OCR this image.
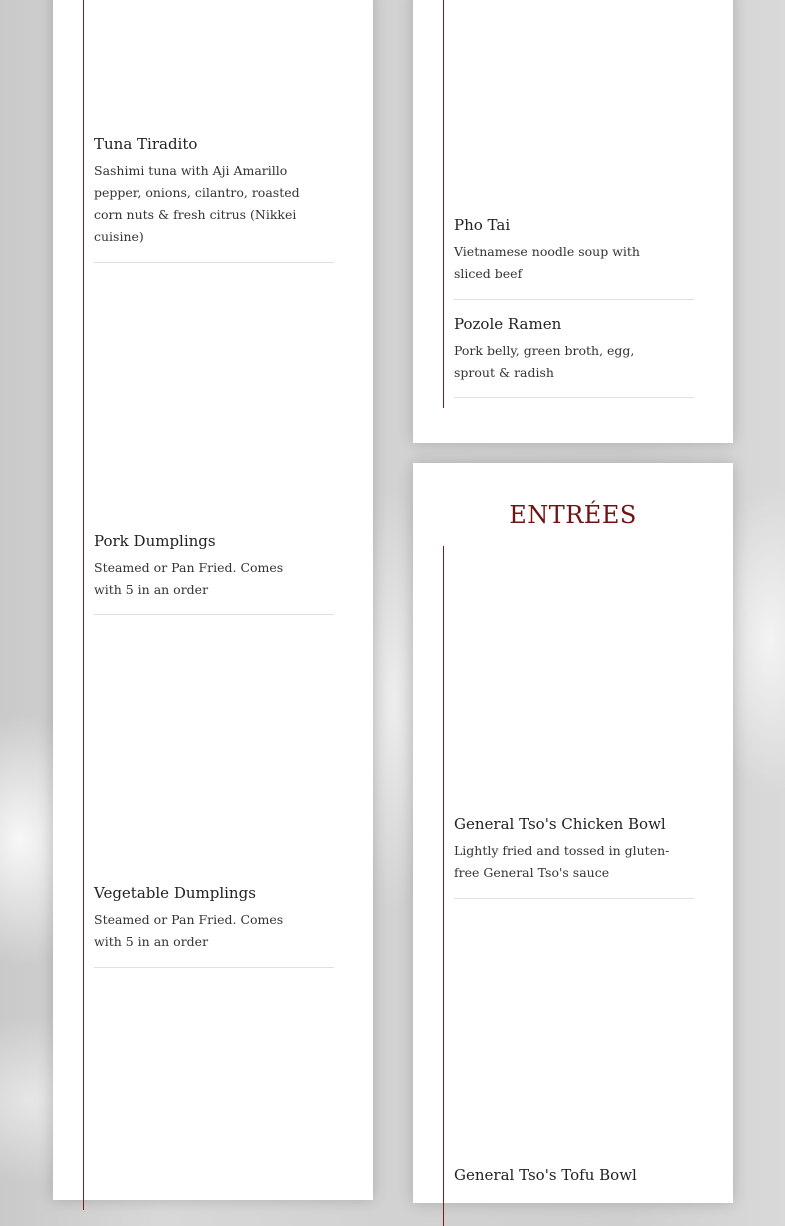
Tuna Tiradito

Sashimi tuna with Aji Amarillo pepper, onions, cilantro, roasted corn nuts & fresh citrus (Nikkei cuisine)

Pork Dumplings

Steamed or Pan Fried. Comes with 5 in an order

Vegetable Dumplings

Steamed or Pan Fried. Comes with 5 in an order

Pho Tai

Vietnamese noodle soup with sliced beef

Pozole Ramen

Pork belly, green broth, egg, sprout & radish

ENTRÉES

General Tso's Chicken Bowl

Lightly fried and tossed in gluten-free General Tso's sauce

General Tso's Tofu Bowl
